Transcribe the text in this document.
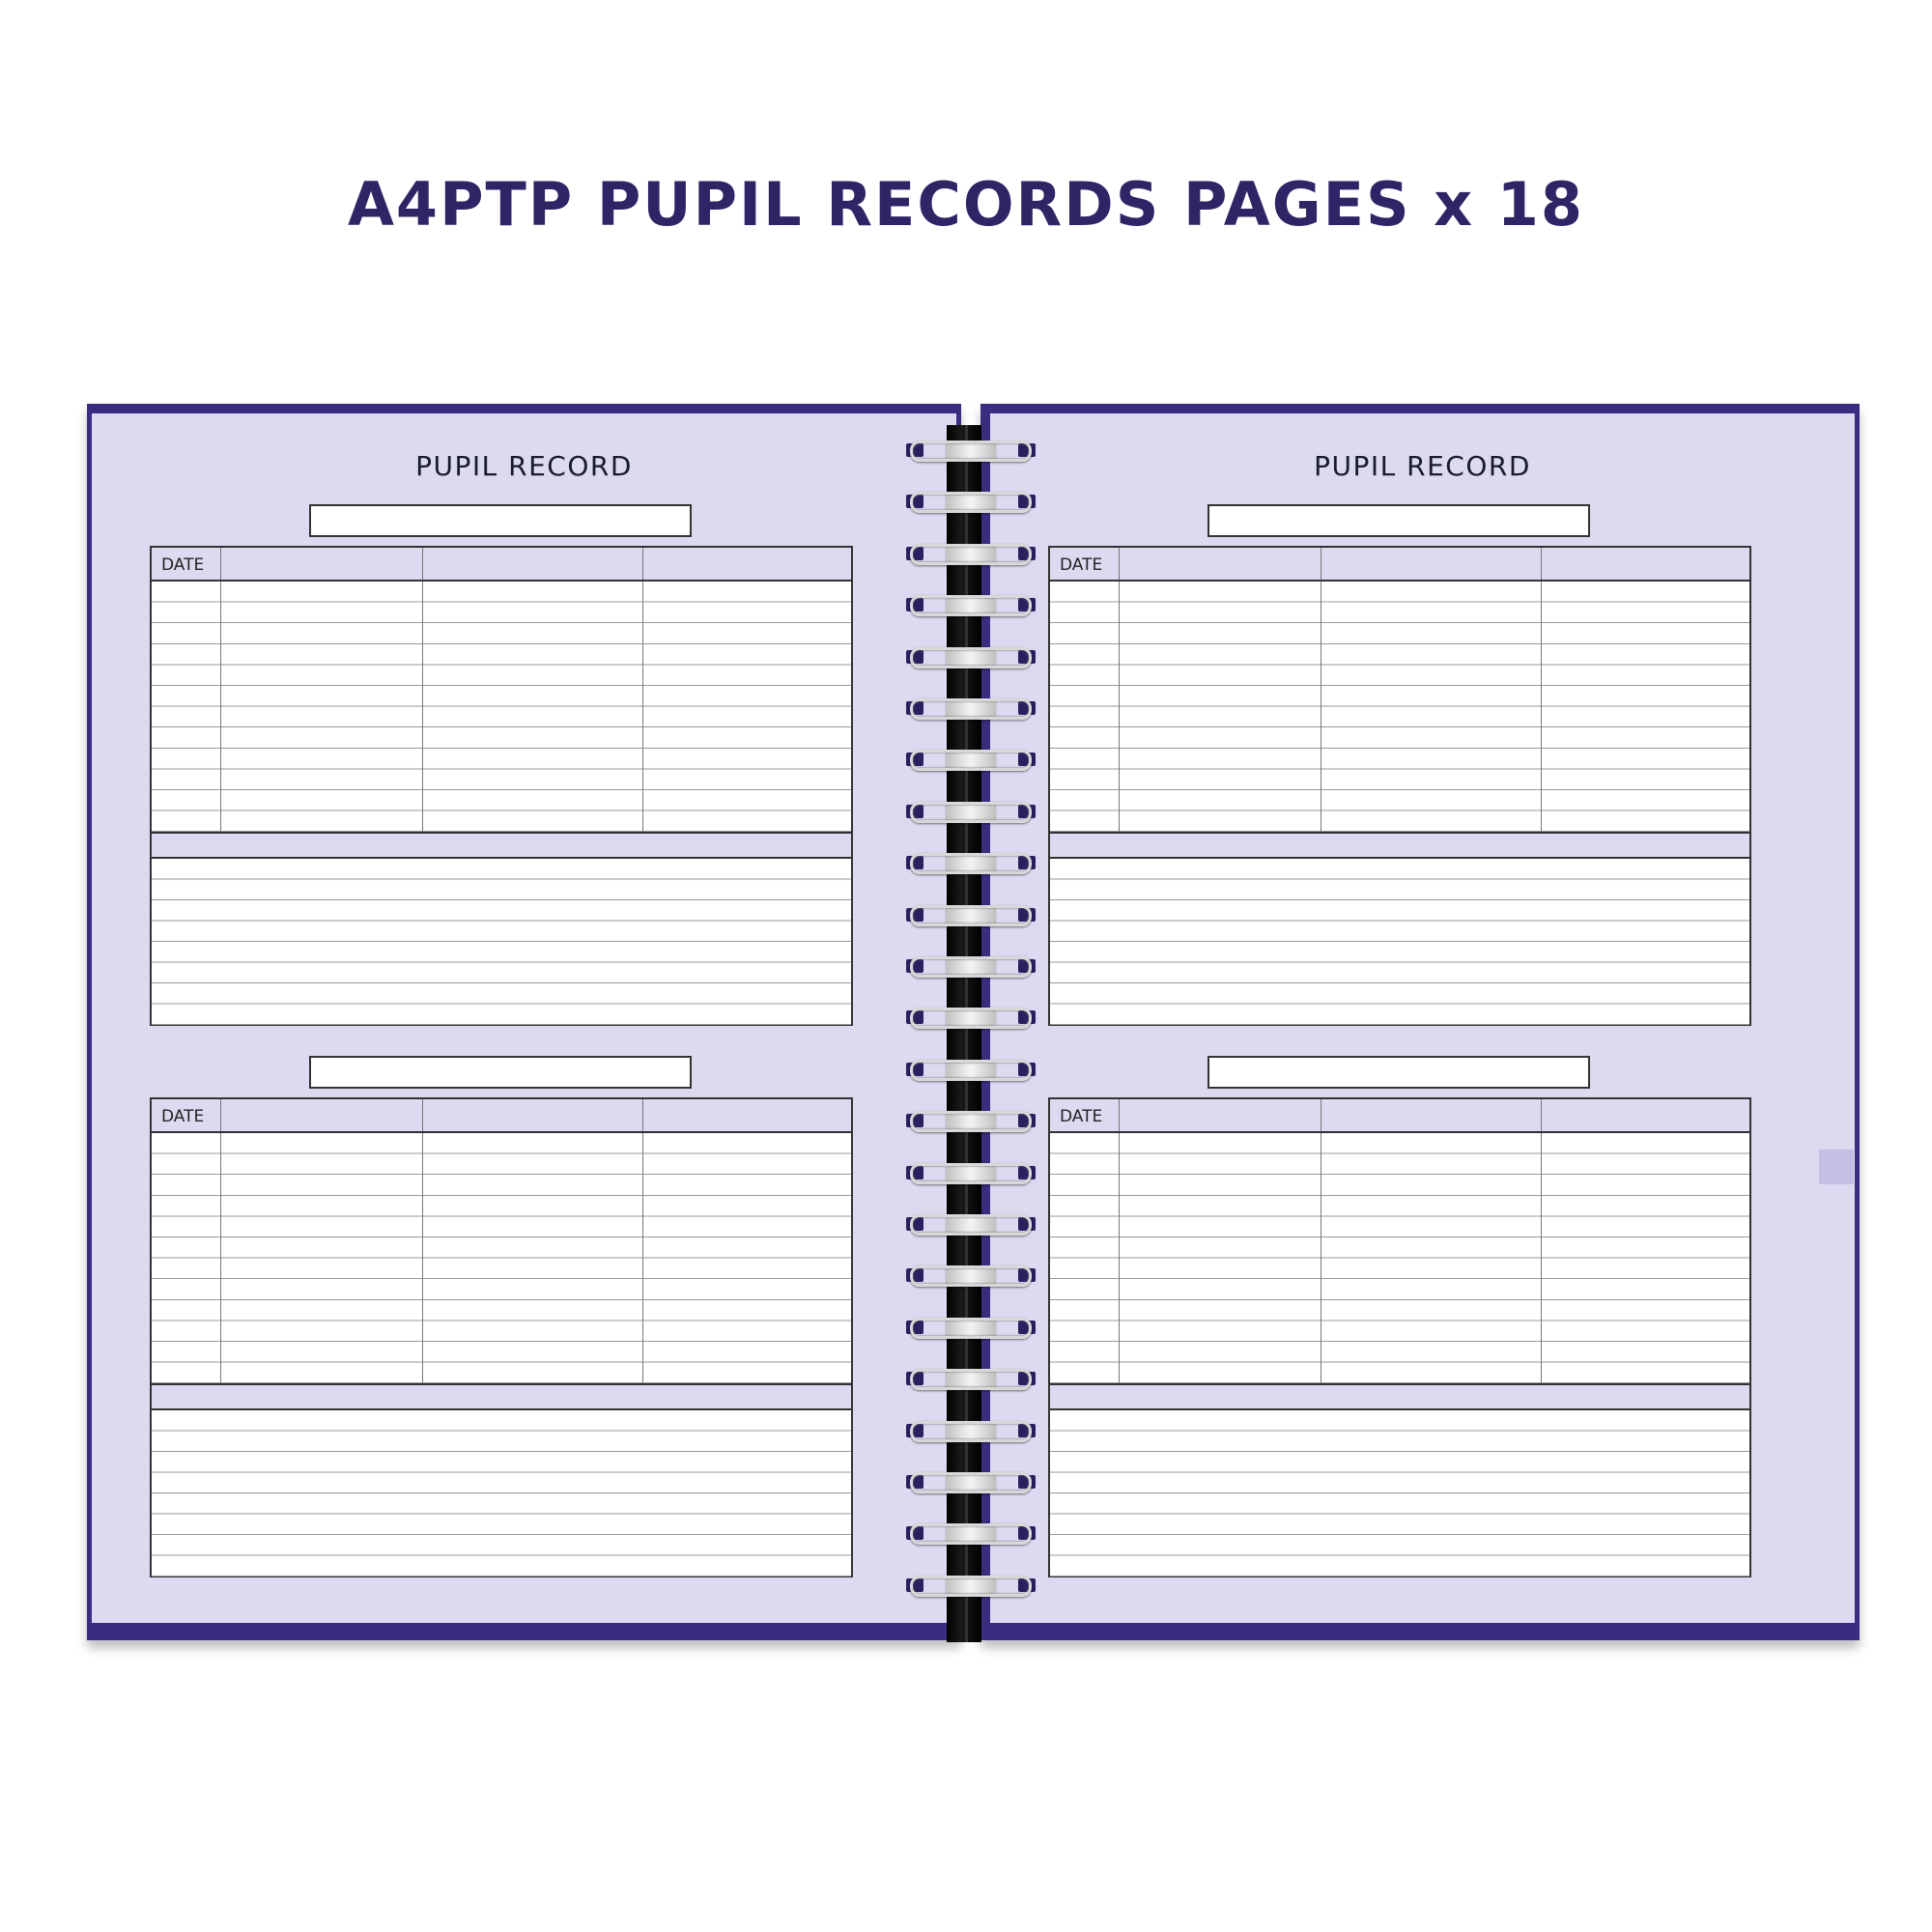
A4PTP PUPIL RECORDS PAGES x 18
PUPIL RECORD
DATE
DATE
PUPIL RECORD
DATE
DATE
